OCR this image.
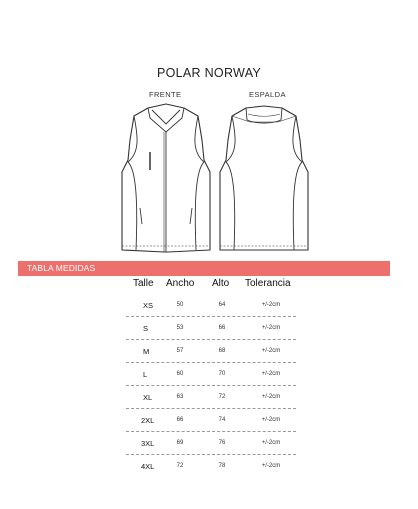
POLAR NORWAY
FRENTE	ESPALDA
TABLA MEDIDAS
Talle Ancho Alto Tolerancia
XS	50	64	+/-2cm
S	53	66	+/-2cm
M	57	68	+/-2cm
L	60	70	+/-2cm
XL	63	72	+/-2cm
2XL	66	74	+/-2cm
3XL	69	76	+/-2cm
4XL	72	78	+/-2cm
